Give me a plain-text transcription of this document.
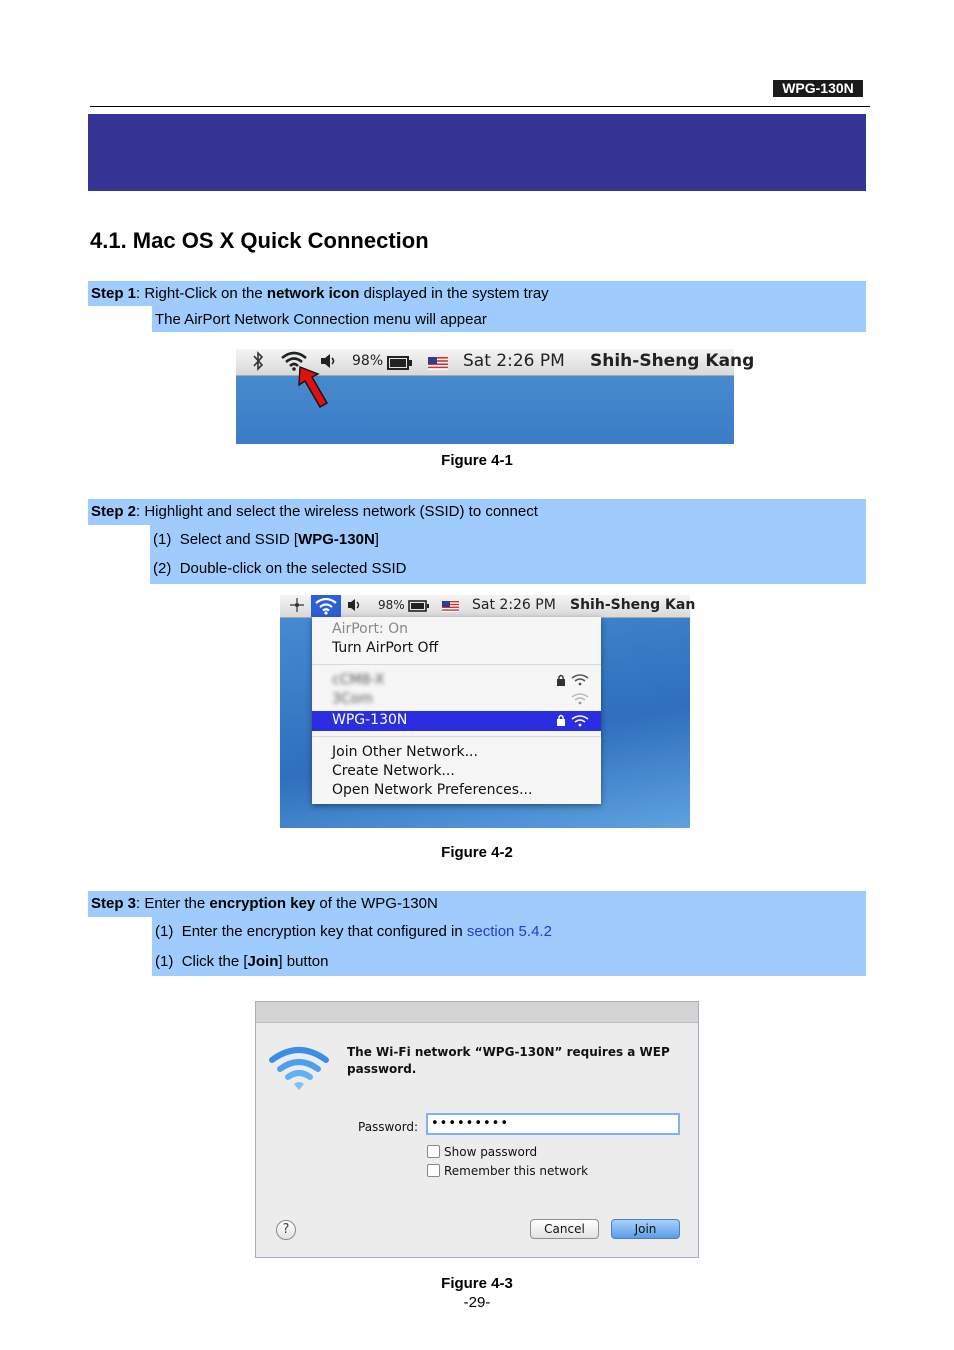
WPG-130N
4.1. Mac OS X Quick Connection
Step 1: Right-Click on the network icon displayed in the system tray
The AirPort Network Connection menu will appear
98%	Sat 2:26 PM Shih-Sheng Kang
Figure 4-1
Step 2: Highlight and select the wireless network (SSID) to connect
(1) Select and SSID [WPG-130N]
(2) Double-click on the selected SSID
98%	Sat 2:26 PM Shih-Sheng Kan
AirPort: On
Turn AirPort Off
cCM8-X
3Com
WPG-130N
Join Other Network...
Create Network...
Open Network Preferences...
Figure 4-2
Step 3: Enter the encryption key of the WPG-130N
(1) Enter the encryption key that configured in section 5.4.2
(1) Click the [Join] button
The Wi-Fi network “WPG-130N” requires a WEP password.
Password: •••••••••
Show password
Remember this network
?	Cancel	Join
Figure 4-3
-29-
